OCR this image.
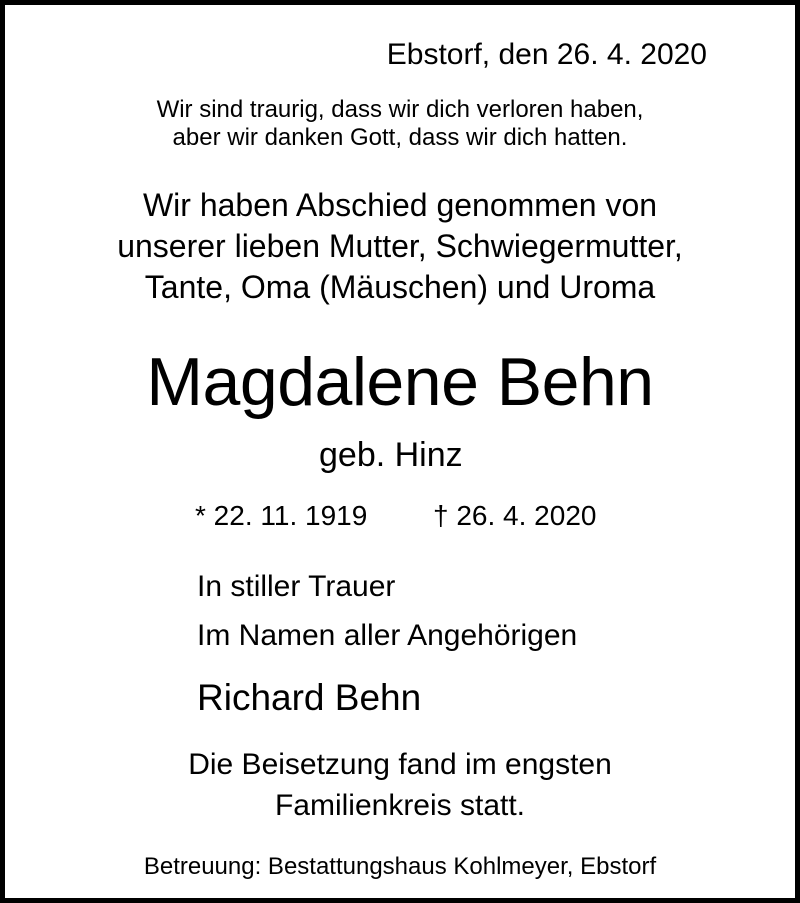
Ebstorf, den 26. 4. 2020
Wir sind traurig, dass wir dich verloren haben,
aber wir danken Gott, dass wir dich hatten.
Wir haben Abschied genommen von
unserer lieben Mutter, Schwiegermutter,
Tante, Oma (Mäuschen) und Uroma
Magdalene Behn
geb. Hinz
* 22. 11. 1919 † 26. 4. 2020
In stiller Trauer
Im Namen aller Angehörigen
Richard Behn
Die Beisetzung fand im engsten
Familienkreis statt.
Betreuung: Bestattungshaus Kohlmeyer, Ebstorf
